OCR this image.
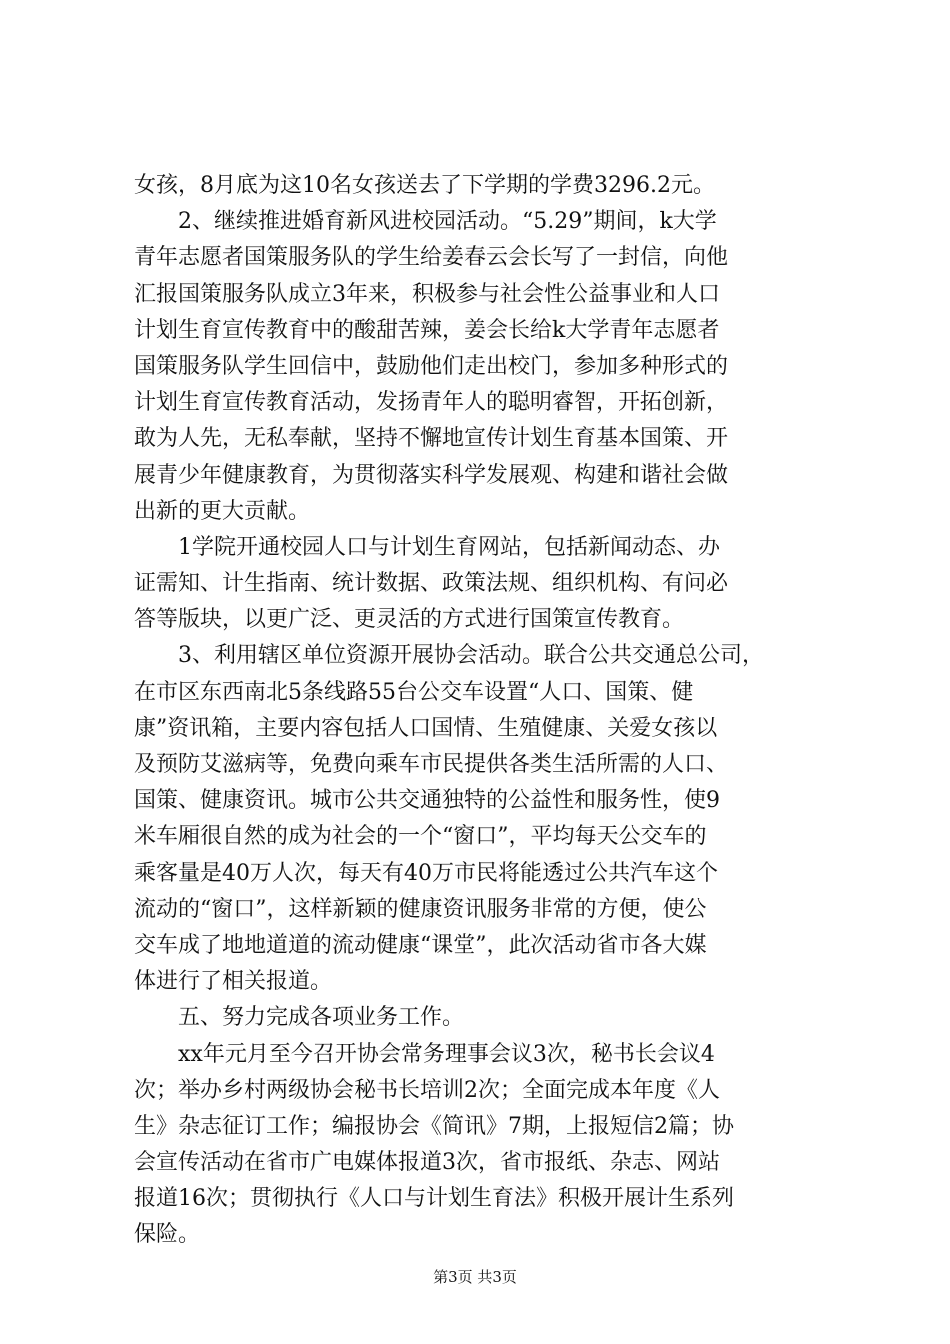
女孩，8月底为这10名女孩送去了下学期的学费3296.2元。
2、继续推进婚育新风进校园活动。“5.29”期间，k大学
青年志愿者国策服务队的学生给姜春云会长写了一封信，向他
汇报国策服务队成立3年来，积极参与社会性公益事业和人口
计划生育宣传教育中的酸甜苦辣，姜会长给k大学青年志愿者
国策服务队学生回信中，鼓励他们走出校门，参加多种形式的
计划生育宣传教育活动，发扬青年人的聪明睿智，开拓创新，
敢为人先，无私奉献，坚持不懈地宣传计划生育基本国策、开
展青少年健康教育，为贯彻落实科学发展观、构建和谐社会做
出新的更大贡献。
1学院开通校园人口与计划生育网站，包括新闻动态、办
证需知、计生指南、统计数据、政策法规、组织机构、有问必
答等版块，以更广泛、更灵活的方式进行国策宣传教育。
3、利用辖区单位资源开展协会活动。联合公共交通总公司，
在市区东西南北5条线路55台公交车设置“人口、国策、健
康”资讯箱，主要内容包括人口国情、生殖健康、关爱女孩以
及预防艾滋病等，免费向乘车市民提供各类生活所需的人口、
国策、健康资讯。城市公共交通独特的公益性和服务性，使9
米车厢很自然的成为社会的一个“窗口”，平均每天公交车的
乘客量是40万人次，每天有40万市民将能透过公共汽车这个
流动的“窗口”，这样新颖的健康资讯服务非常的方便，使公
交车成了地地道道的流动健康“课堂”，此次活动省市各大媒
体进行了相关报道。
五、努力完成各项业务工作。
xx年元月至今召开协会常务理事会议3次，秘书长会议4
次；举办乡村两级协会秘书长培训2次；全面完成本年度《人
生》杂志征订工作；编报协会《简讯》7期，上报短信2篇；协
会宣传活动在省市广电媒体报道3次，省市报纸、杂志、网站
报道16次；贯彻执行《人口与计划生育法》积极开展计生系列
保险。
第3页 共3页
